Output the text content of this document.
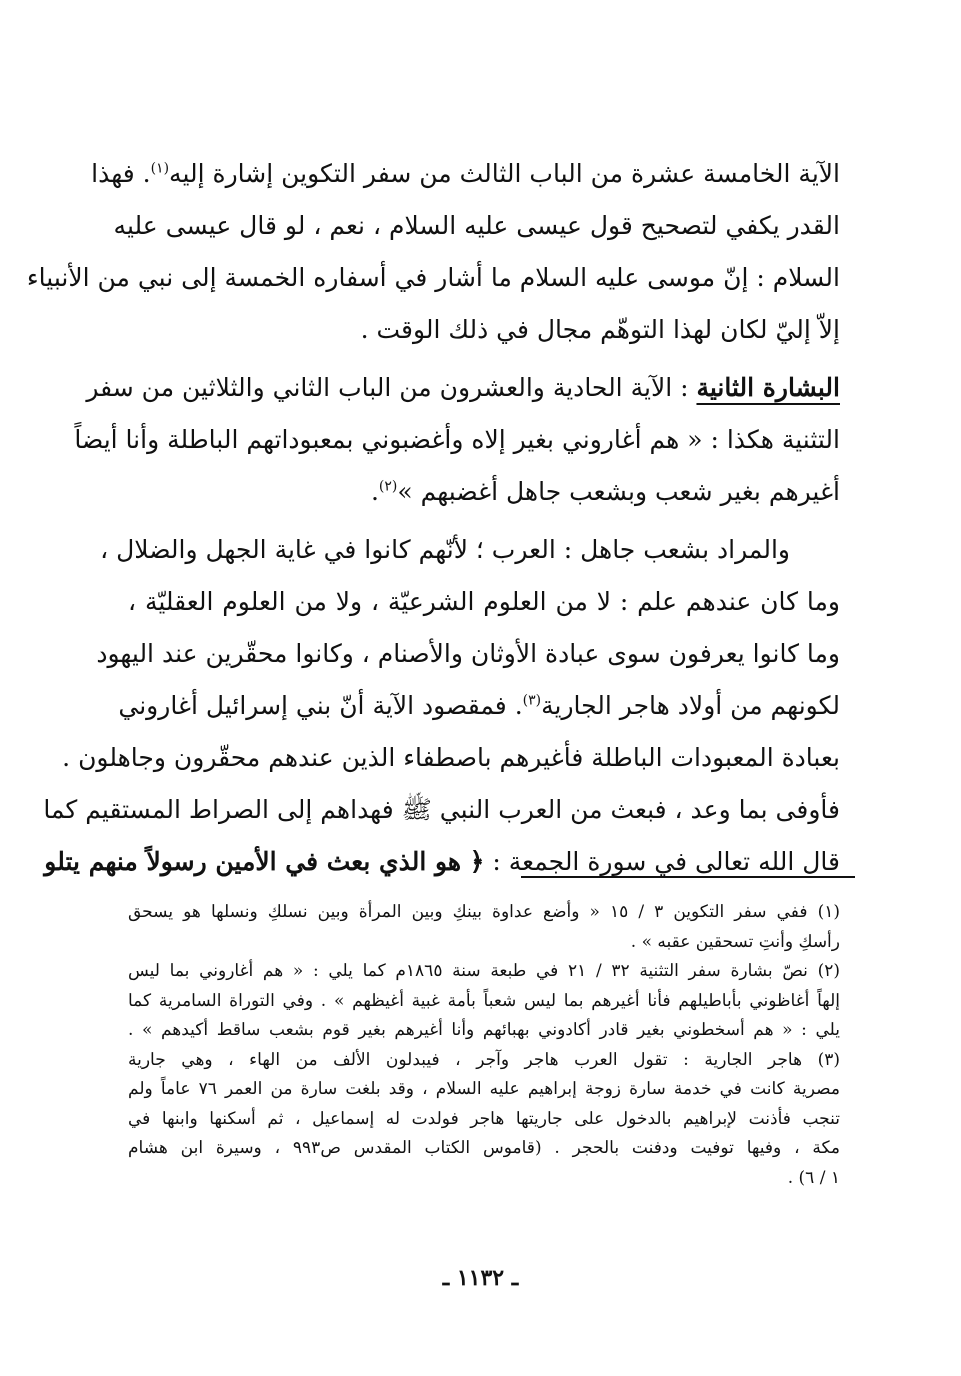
الآية الخامسة عشرة من الباب الثالث من سفر التكوين إشارة إليه$^{(١)}$. فهذا
القدر يكفي لتصحيح قول عيسى عليه السلام ، نعم ، لو قال عيسى عليه
السلام : إنّ موسى عليه السلام ما أشار في أسفاره الخمسة إلى نبي من الأنبياء
إلاّ إليّ لكان لهذا التوهّم مجال في ذلك الوقت .

البشارة الثانية : الآية الحادية والعشرون من الباب الثاني والثلاثين من سفر
التثنية هكذا : « هم أغاروني بغير إلاه وأغضبوني بمعبوداتهم الباطلة وأنا أيضاً
أغيرهم بغير شعب وبشعب جاهل أغضبهم »$^{(٢)}$.

  والمراد بشعب جاهل : العرب ؛ لأنّهم كانوا في غاية الجهل والضلال ،
وما كان عندهم علم : لا من العلوم الشرعيّة ، ولا من العلوم العقليّة ،
وما كانوا يعرفون سوى عبادة الأوثان والأصنام ، وكانوا محقّرين عند اليهود
لكونهم من أولاد هاجر الجارية$^{(٣)}$. فمقصود الآية أنّ بني إسرائيل أغاروني
بعبادة المعبودات الباطلة فأغيرهم باصطفاء الذين عندهم محقّرون وجاهلون .
فأوفى بما وعد ، فبعث من العرب النبي ﷺ فهداهم إلى الصراط المستقيم كما
قال الله تعالى في سورة الجمعة : ﴿ هو الذي بعث في الأمين رسولاً منهم يتلو

(١) ففي سفر التكوين ٣ / ١٥ « وأضع عداوة بينكِ وبين المرأة وبين نسلكِ ونسلها هو يسحق
رأسكِ وأنتِ تسحقين عقبه » .
(٢) نصّ بشارة سفر التثنية ٣٢ / ٢١ في طبعة سنة ١٨٦٥م كما يلي : « هم أغاروني بما ليس
إلهاً أغاظوني بأباطيلهم فأنا أغيرهم بما ليس شعباً بأمة غبية أغيظهم » . وفي التوراة السامرية كما
يلي : « هم أسخطوني بغير قادر أكادوني بهبائهم وأنا أغيرهم بغير قوم بشعب ساقط أكيدهم » .
(٣) هاجر الجارية : تقول العرب هاجر وآجر ، فيبدلون الألف من الهاء ، وهي جارية
مصرية كانت في خدمة سارة زوجة إبراهيم عليه السلام ، وقد بلغت سارة من العمر ٧٦ عاماً ولم
تنجب فأذنت لإبراهيم بالدخول على جاريتها هاجر فولدت له إسماعيل ، ثم أسكنها وابنها في
مكة ، وفيها توفيت ودفنت بالحجر . (قاموس الكتاب المقدس ص٩٩٣ ، وسيرة ابن هشام
١ / ٦) .
ـ ١١٣٢ ـ
